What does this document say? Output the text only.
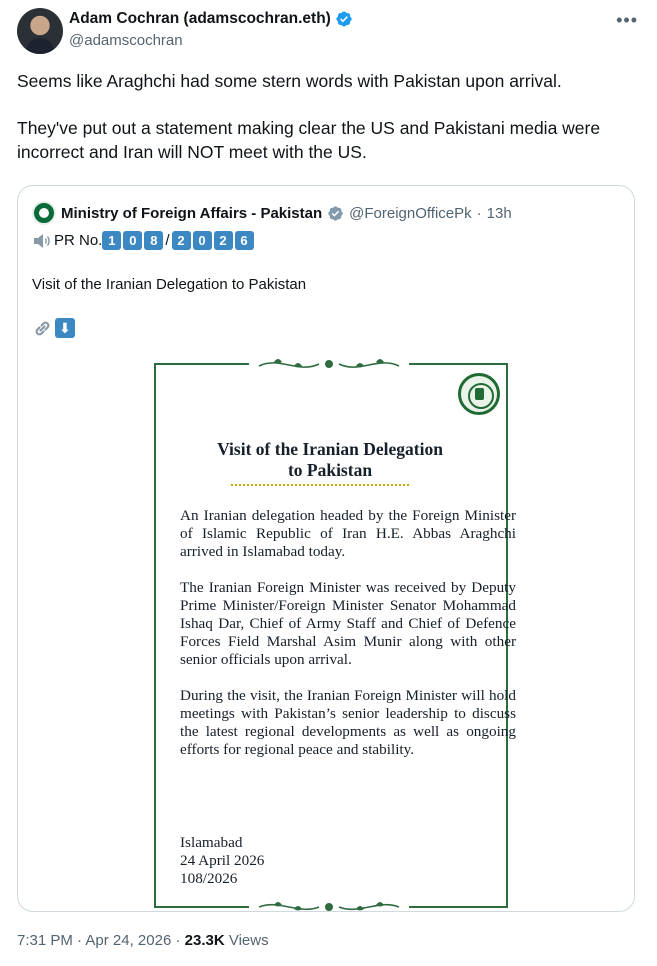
Adam Cochran (adamscochran.eth)
@adamscochran
•••

Seems like Araghchi had some stern words with Pakistan upon arrival.

They've put out a statement making clear the US and Pakistani media were incorrect and Iran will NOT meet with the US.

Ministry of Foreign Affairs - Pakistan @ForeignOfficePk · 13h
PR No. 1	0	8 / 2	0	2	6
Visit of the Iranian Delegation to Pakistan
⬇
Visit of the Iranian Delegation
to Pakistan

An Iranian delegation headed by the Foreign Minister of Islamic Republic of Iran H.E. Abbas Araghchi arrived in Islamabad today.

The Iranian Foreign Minister was received by Deputy Prime Minister/Foreign Minister Senator Mohammad Ishaq Dar, Chief of Army Staff and Chief of Defence Forces Field Marshal Asim Munir along with other senior officials upon arrival.

During the visit, the Iranian Foreign Minister will hold meetings with Pakistan’s senior leadership to discuss the latest regional developments as well as ongoing efforts for regional peace and stability.

Islamabad
24 April 2026
108/2026
7:31 PM · Apr 24, 2026 · 23.3K Views
